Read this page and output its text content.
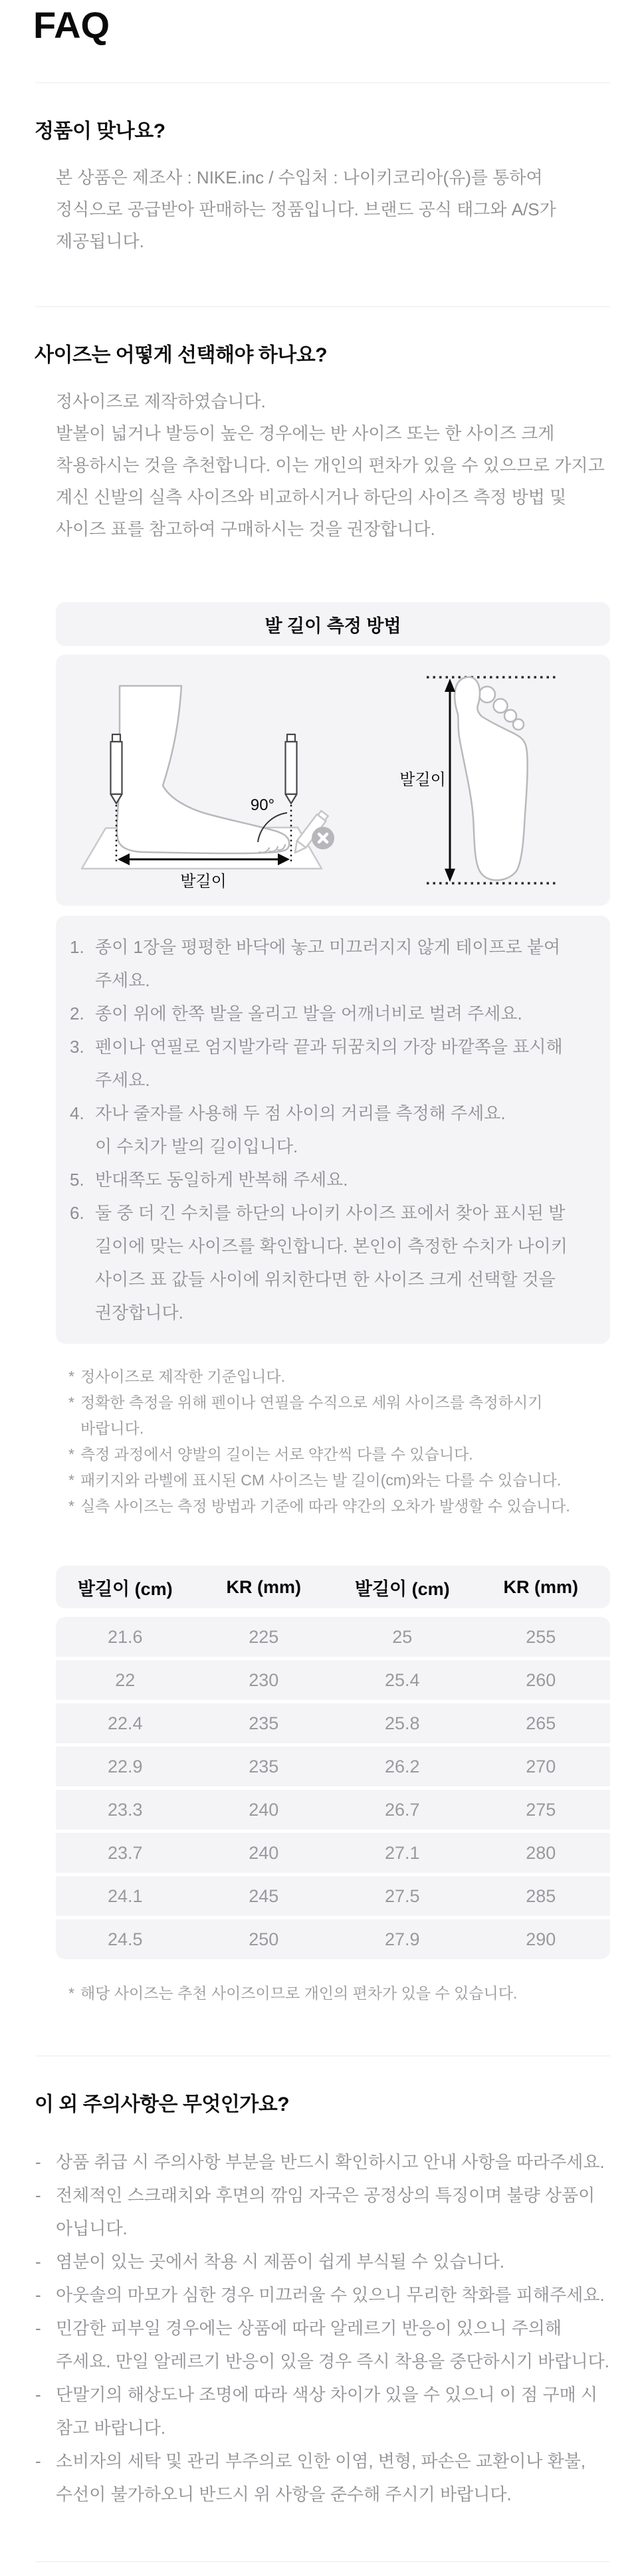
FAQ
정품이 맞나요?

본 상품은 제조사 : NIKE.inc / 수입처 : 나이키코리아(유)를 통하여 정식으로 공급받아 판매하는 정품입니다. 브랜드 공식 태그와 A/S가 제공됩니다.

사이즈는 어떻게 선택해야 하나요?

정사이즈로 제작하였습니다.

발볼이 넓거나 발등이 높은 경우에는 반 사이즈 또는 한 사이즈 크게 착용하시는 것을 추천합니다. 이는 개인의 편차가 있을 수 있으므로 가지고 계신 신발의 실측 사이즈와 비교하시거나 하단의 사이즈 측정 방법 및 사이즈 표를 참고하여 구매하시는 것을 권장합니다.

발 길이 측정 방법
90°
발길이
발길이
1. 종이 1장을 평평한 바닥에 놓고 미끄러지지 않게 테이프로 붙여 주세요.
2. 종이 위에 한쪽 발을 올리고 발을 어깨너비로 벌려 주세요.
3. 펜이나 연필로 엄지발가락 끝과 뒤꿈치의 가장 바깥쪽을 표시해 주세요.
4. 자나 줄자를 사용해 두 점 사이의 거리를 측정해 주세요.
이 수치가 발의 길이입니다.
5. 반대쪽도 동일하게 반복해 주세요.
6. 둘 중 더 긴 수치를 하단의 나이키 사이즈 표에서 찾아 표시된 발 길이에 맞는 사이즈를 확인합니다. 본인이 측정한 수치가 나이키 사이즈 표 값들 사이에 위치한다면 한 사이즈 크게 선택할 것을 권장합니다.
* 정사이즈로 제작한 기준입니다.
* 정확한 측정을 위해 펜이나 연필을 수직으로 세워 사이즈를 측정하시기 바랍니다.
* 측정 과정에서 양발의 길이는 서로 약간씩 다를 수 있습니다.
* 패키지와 라벨에 표시된 CM 사이즈는 발 길이(cm)와는 다를 수 있습니다.
* 실측 사이즈는 측정 방법과 기준에 따라 약간의 오차가 발생할 수 있습니다.
발길이 (cm)	KR (mm)	발길이 (cm)	KR (mm)
21.6	225	25	255
22	230	25.4	260
22.4	235	25.8	265
22.9	235	26.2	270
23.3	240	26.7	275
23.7	240	27.1	280
24.1	245	27.5	285
24.5	250	27.9	290
* 해당 사이즈는 추천 사이즈이므로 개인의 편차가 있을 수 있습니다.
이 외 주의사항은 무엇인가요?
- 상품 취급 시 주의사항 부분을 반드시 확인하시고 안내 사항을 따라주세요.
- 전체적인 스크래치와 후면의 깎임 자국은 공정상의 특징이며 불량 상품이 아닙니다.
- 염분이 있는 곳에서 착용 시 제품이 쉽게 부식될 수 있습니다.
- 아웃솔의 마모가 심한 경우 미끄러울 수 있으니 무리한 착화를 피해주세요.
- 민감한 피부일 경우에는 상품에 따라 알레르기 반응이 있으니 주의해 주세요. 만일 알레르기 반응이 있을 경우 즉시 착용을 중단하시기 바랍니다.
- 단말기의 해상도나 조명에 따라 색상 차이가 있을 수 있으니 이 점 구매 시 참고 바랍니다.
- 소비자의 세탁 및 관리 부주의로 인한 이염, 변형, 파손은 교환이나 환불, 수선이 불가하오니 반드시 위 사항을 준수해 주시기 바랍니다.
